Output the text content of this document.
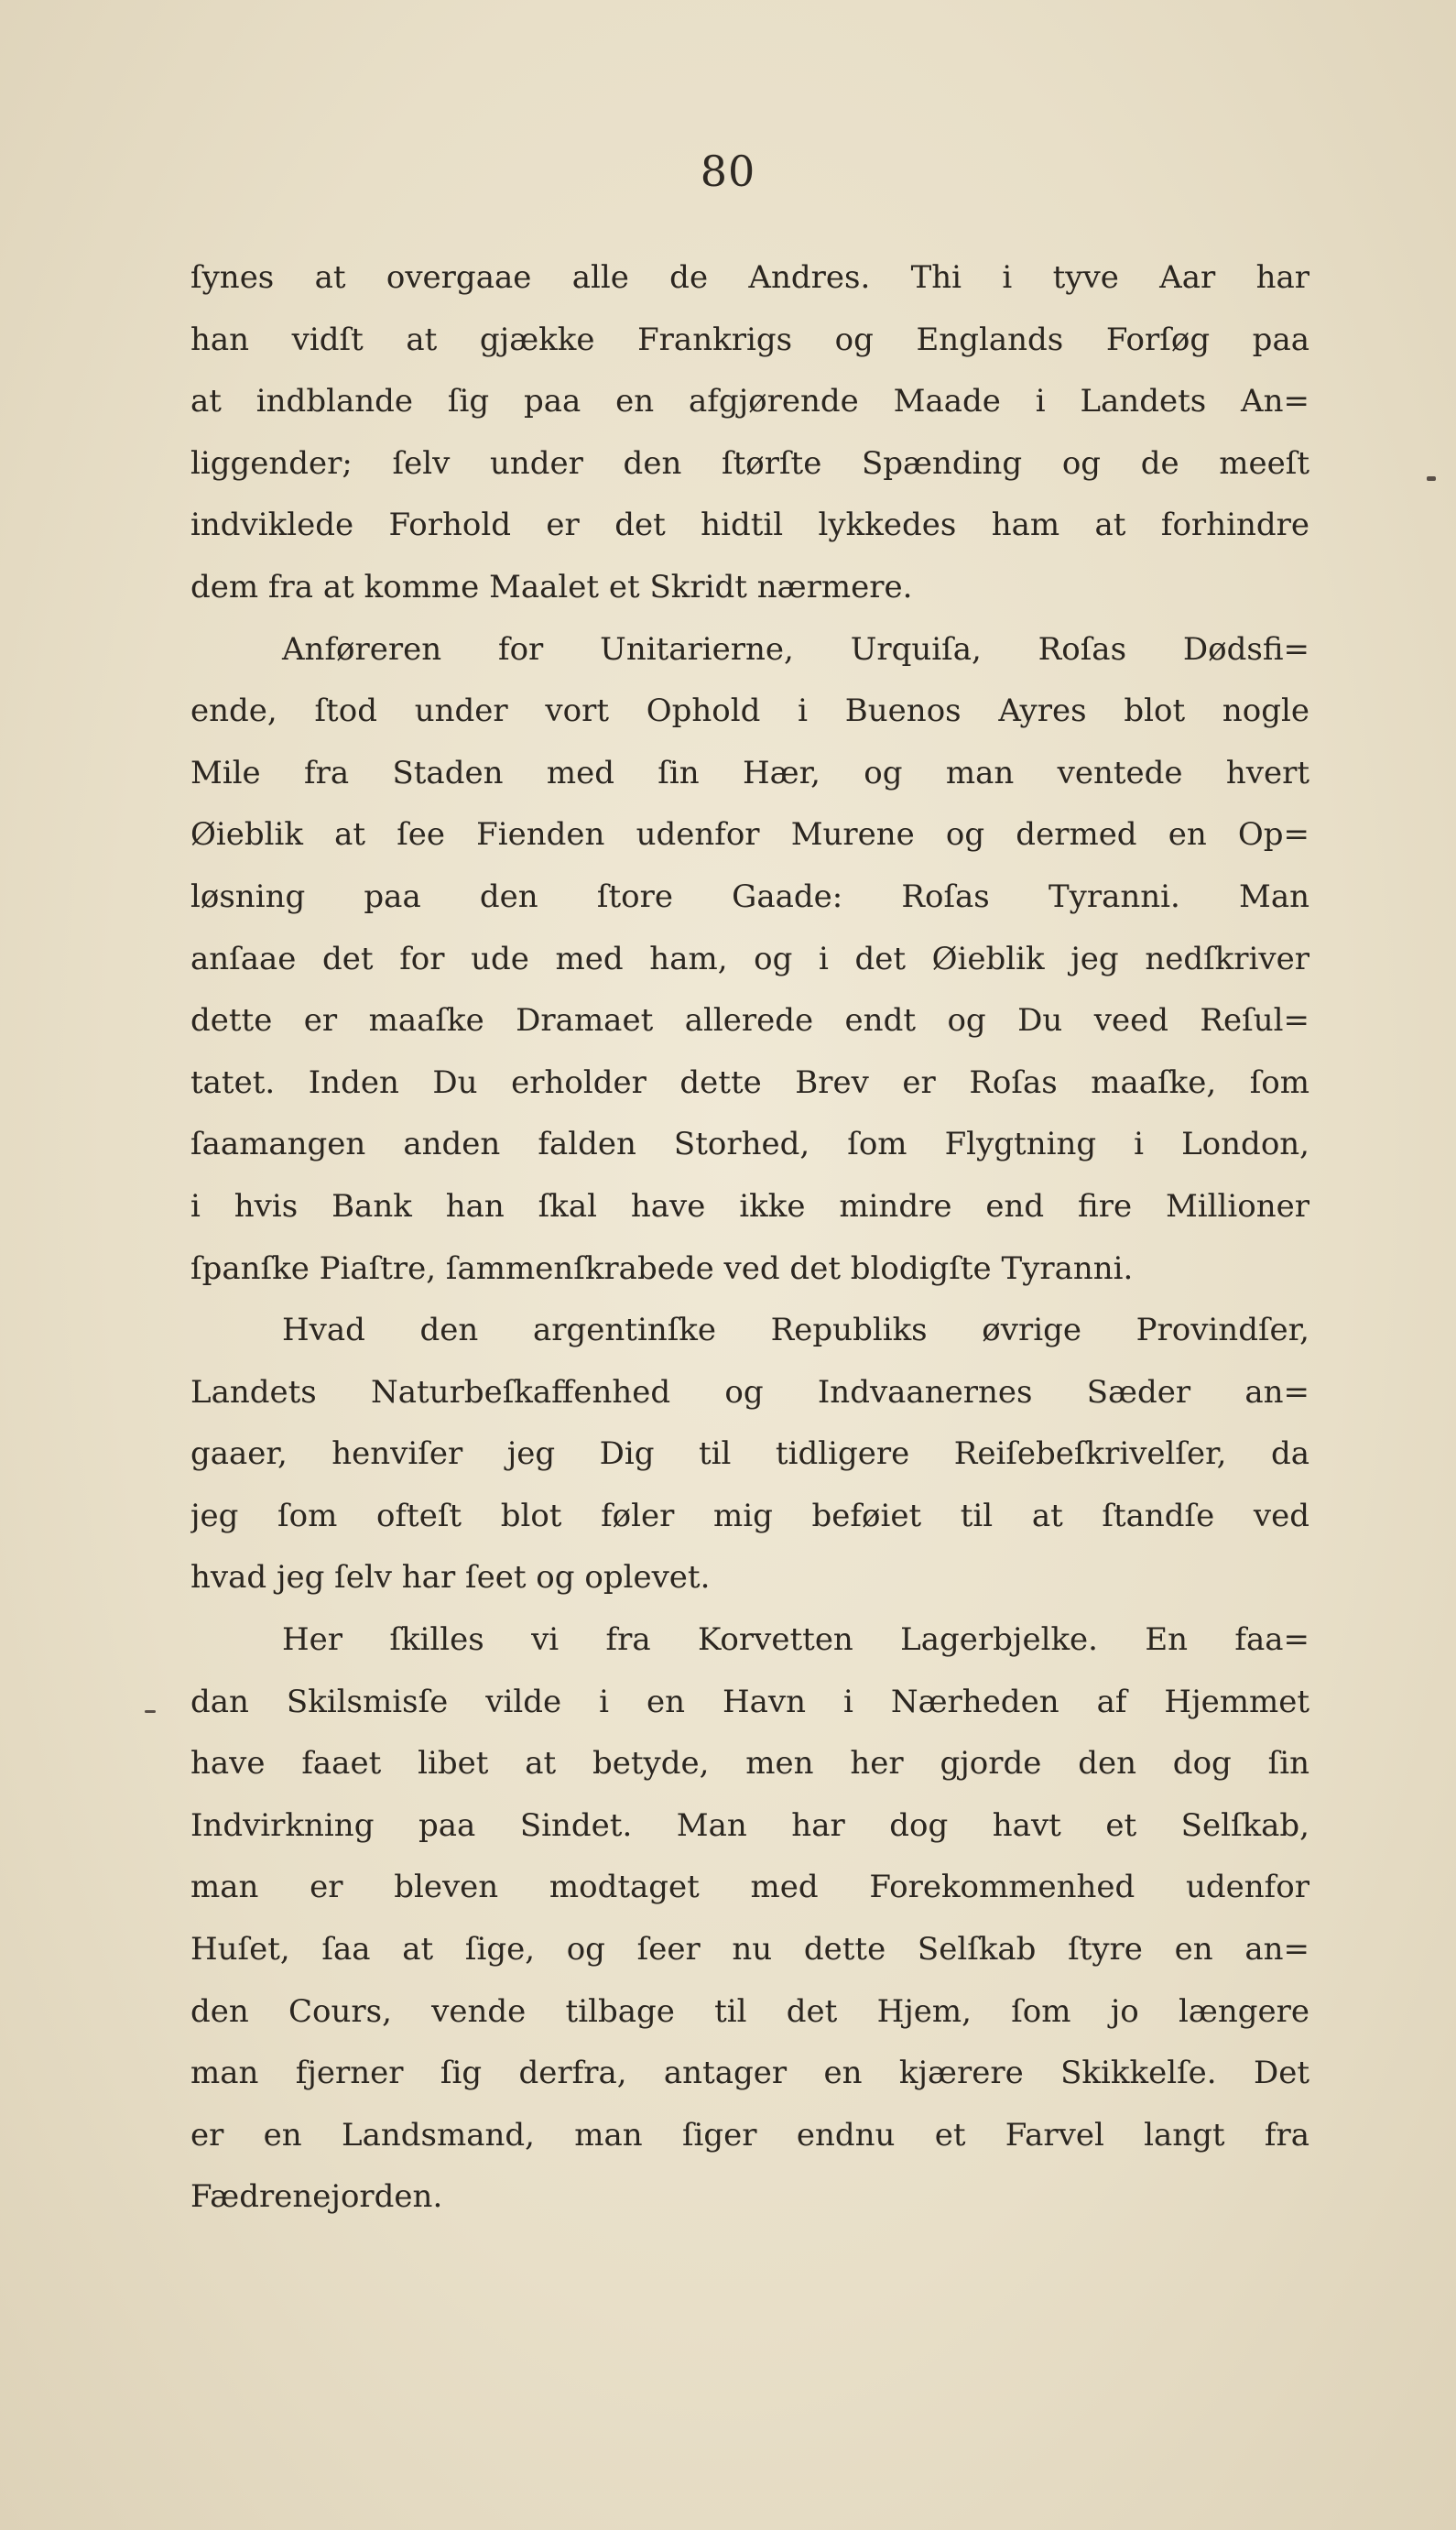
80
ſynes at overgaae alle de Andres. Thi i tyve Aar har
han vidſt at gjække Frankrigs og Englands Forſøg paa
at indblande ſig paa en afgjørende Maade i Landets An=
liggender; ſelv under den ſtørſte Spænding og de meeſt
indviklede Forhold er det hidtil lykkedes ham at forhindre
dem fra at komme Maalet et Skridt nærmere.
Anføreren for Unitarierne, Urquiſa, Roſas Dødsfi=
ende, ſtod under vort Ophold i Buenos Ayres blot nogle
Mile fra Staden med ſin Hær, og man ventede hvert
Øieblik at ſee Fienden udenfor Murene og dermed en Op=
løsning paa den ſtore Gaade: Roſas Tyranni. Man
anſaae det for ude med ham, og i det Øieblik jeg nedſkriver
dette er maaſke Dramaet allerede endt og Du veed Reſul=
tatet. Inden Du erholder dette Brev er Roſas maaſke, ſom
ſaamangen anden falden Storhed, ſom Flygtning i London,
i hvis Bank han ſkal have ikke mindre end fire Millioner
ſpanſke Piaſtre, ſammenſkrabede ved det blodigſte Tyranni.
Hvad den argentinſke Republiks øvrige Provindſer,
Landets Naturbeſkaffenhed og Indvaanernes Sæder an=
gaaer, henviſer jeg Dig til tidligere Reiſebeſkrivelſer, da
jeg ſom ofteſt blot føler mig beføiet til at ſtandſe ved
hvad jeg ſelv har ſeet og oplevet.
Her ſkilles vi fra Korvetten Lagerbjelke. En faa=
dan Skilsmisſe vilde i en Havn i Nærheden af Hjemmet
have faaet libet at betyde, men her gjorde den dog ſin
Indvirkning paa Sindet. Man har dog havt et Selſkab,
man er bleven modtaget med Forekommenhed udenfor
Huſet, ſaa at ſige, og ſeer nu dette Selſkab ſtyre en an=
den Cours, vende tilbage til det Hjem, ſom jo længere
man fjerner ſig derfra, antager en kjærere Skikkelſe. Det
er en Landsmand, man ſiger endnu et Farvel langt fra
Fædrenejorden.
